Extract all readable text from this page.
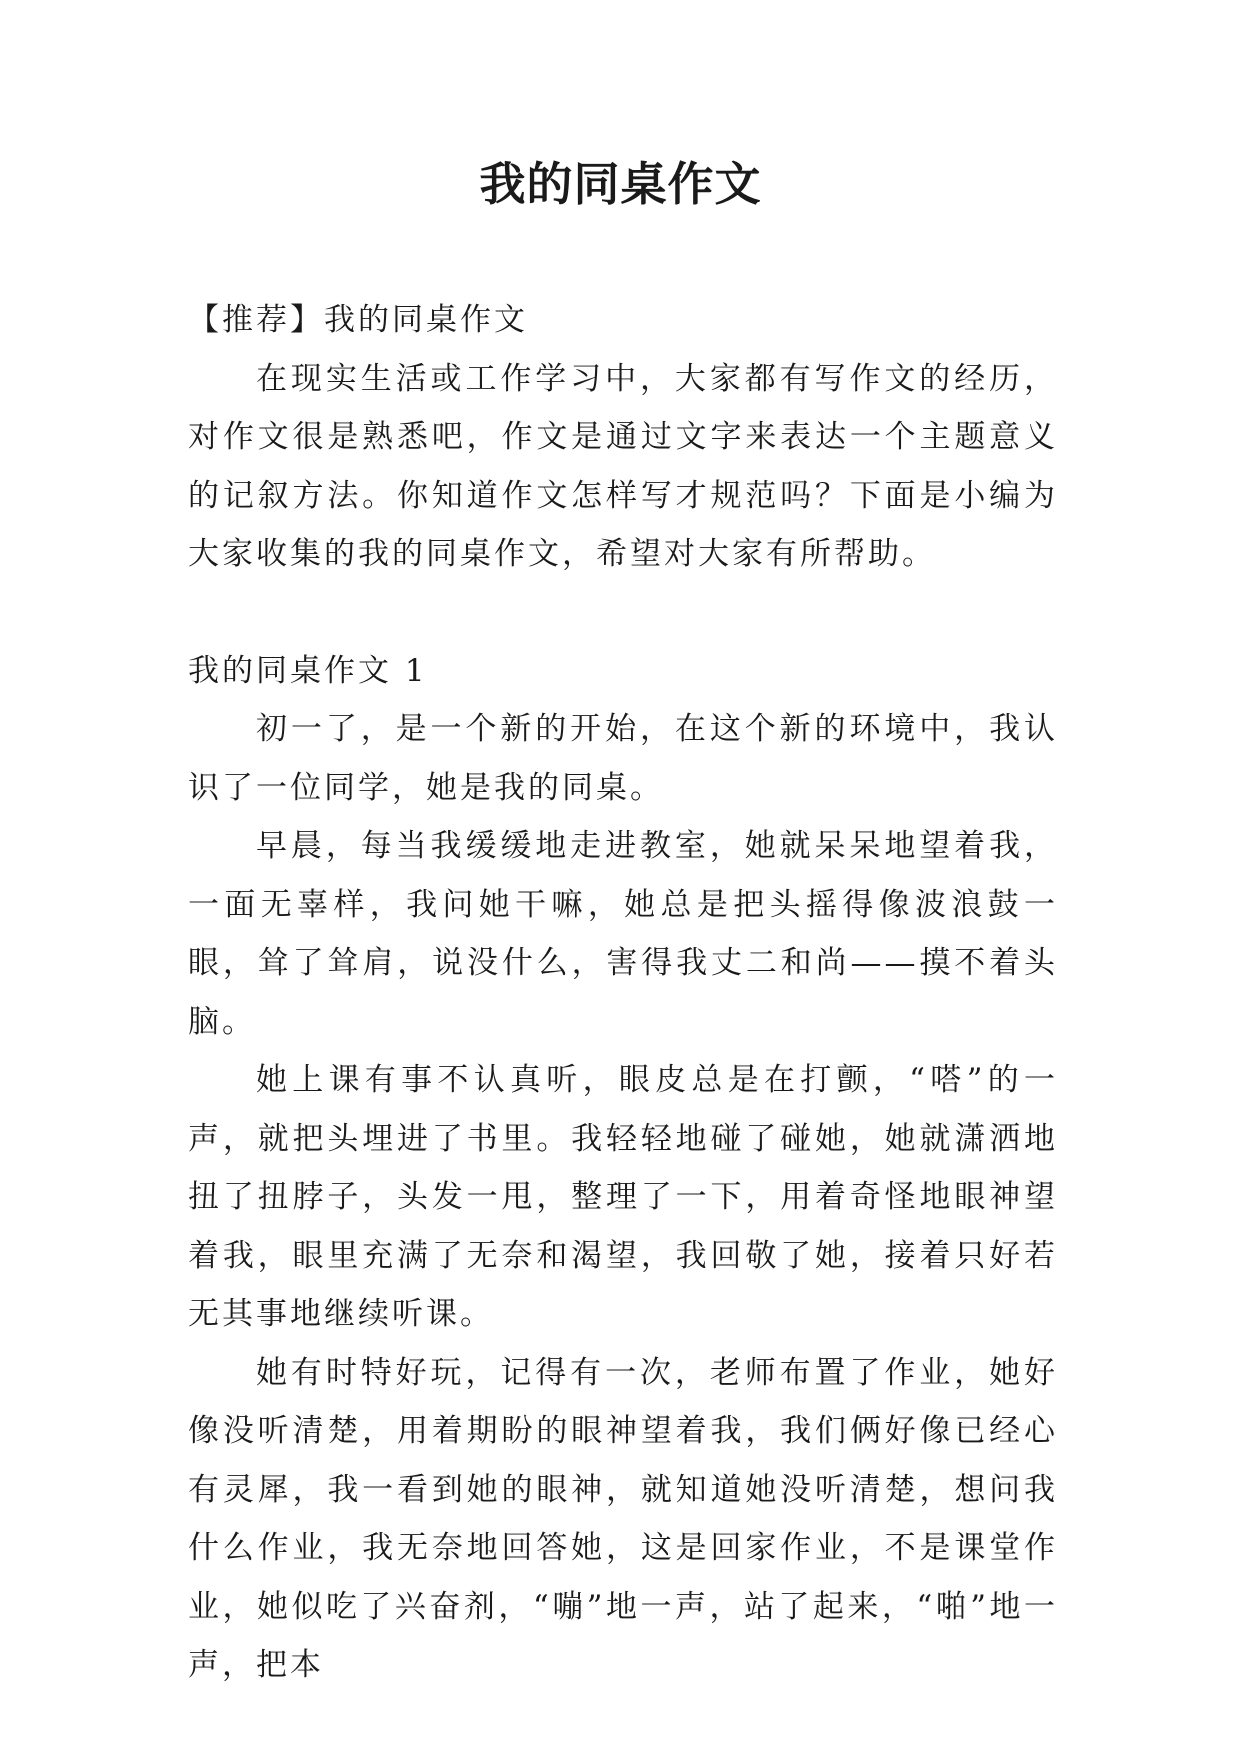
我的同桌作文

【推荐】我的同桌作文

在现实生活或工作学习中，大家都有写作文的经历，对作文很是熟悉吧，作文是通过文字来表达一个主题意义的记叙方法。你知道作文怎样写才规范吗？下面是小编为大家收集的我的同桌作文，希望对大家有所帮助。

我的同桌作文 1

初一了，是一个新的开始，在这个新的环境中，我认识了一位同学，她是我的同桌。

早晨，每当我缓缓地走进教室，她就呆呆地望着我，一面无辜样，我问她干嘛，她总是把头摇得像波浪鼓一眼，耸了耸肩，说没什么，害得我丈二和尚——摸不着头脑。

她上课有事不认真听，眼皮总是在打颤，“嗒”的一声，就把头埋进了书里。我轻轻地碰了碰她，她就潇洒地扭了扭脖子，头发一甩，整理了一下，用着奇怪地眼神望着我，眼里充满了无奈和渴望，我回敬了她，接着只好若无其事地继续听课。

她有时特好玩，记得有一次，老师布置了作业，她好像没听清楚，用着期盼的眼神望着我，我们俩好像已经心有灵犀，我一看到她的眼神，就知道她没听清楚，想问我什么作业，我无奈地回答她，这是回家作业，不是课堂作业，她似吃了兴奋剂，“嘣”地一声，站了起来，“啪”地一声，把本
